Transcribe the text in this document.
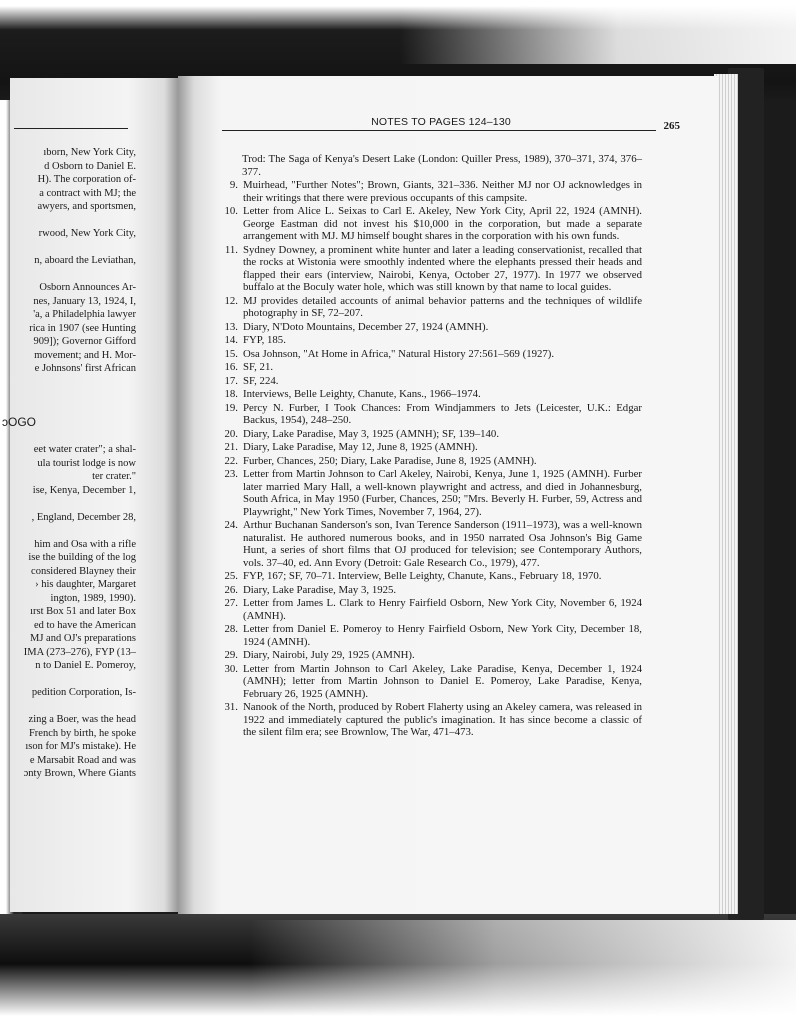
ıborn, New York City,
d Osborn to Daniel E.
H). The corporation of-
a contract with MJ; the
awyers, and sportsmen,
rwood, New York City,
n, aboard the Leviathan,
Osborn Announces Ar-
nes, January 13, 1924, I,
'a, a Philadelphia lawyer
rica in 1907 (see Hunting
909]); Governor Gifford
movement; and H. Mor-
e Johnsons' first African
ɔOGO
eet water crater"; a shal-
ula tourist lodge is now
ter crater."
ise, Kenya, December 1,
, England, December 28,
him and Osa with a rifle
ise the building of the log
considered Blayney their
› his daughter, Margaret
ington, 1989, 1990).
ırst Box 51 and later Box
ed to have the American
MJ and OJ's preparations
IMA (273–276), FYP (13–
n to Daniel E. Pomeroy,
pedition Corporation, Is-
zing a Boer, was the head
French by birth, he spoke
ıson for MJ's mistake). He
e Marsabit Road and was
ɔnty Brown, Where Giants
NOTES TO PAGES 124–130	265
Trod: The Saga of Kenya's Desert Lake (London: Quiller Press, 1989), 370–371, 374, 376–377.
9. Muirhead, "Further Notes"; Brown, Giants, 321–336. Neither MJ nor OJ acknowledges in their writings that there were previous occupants of this campsite.
10. Letter from Alice L. Seixas to Carl E. Akeley, New York City, April 22, 1924 (AMNH). George Eastman did not invest his $10,000 in the corporation, but made a separate arrangement with MJ. MJ himself bought shares in the corporation with his own funds.
11. Sydney Downey, a prominent white hunter and later a leading conservationist, recalled that the rocks at Wistonia were smoothly indented where the elephants pressed their heads and flapped their ears (interview, Nairobi, Kenya, October 27, 1977). In 1977 we observed buffalo at the Boculy water hole, which was still known by that name to local guides.
12. MJ provides detailed accounts of animal behavior patterns and the techniques of wildlife photography in SF, 72–207.
13. Diary, N'Doto Mountains, December 27, 1924 (AMNH).
14. FYP, 185.
15. Osa Johnson, "At Home in Africa," Natural History 27:561–569 (1927).
16. SF, 21.
17. SF, 224.
18. Interviews, Belle Leighty, Chanute, Kans., 1966–1974.
19. Percy N. Furber, I Took Chances: From Windjammers to Jets (Leicester, U.K.: Edgar Backus, 1954), 248–250.
20. Diary, Lake Paradise, May 3, 1925 (AMNH); SF, 139–140.
21. Diary, Lake Paradise, May 12, June 8, 1925 (AMNH).
22. Furber, Chances, 250; Diary, Lake Paradise, June 8, 1925 (AMNH).
23. Letter from Martin Johnson to Carl Akeley, Nairobi, Kenya, June 1, 1925 (AMNH). Furber later married Mary Hall, a well-known playwright and actress, and died in Johannesburg, South Africa, in May 1950 (Furber, Chances, 250; "Mrs. Beverly H. Furber, 59, Actress and Playwright," New York Times, November 7, 1964, 27).
24. Arthur Buchanan Sanderson's son, Ivan Terence Sanderson (1911–1973), was a well-known naturalist. He authored numerous books, and in 1950 narrated Osa Johnson's Big Game Hunt, a series of short films that OJ produced for television; see Contemporary Authors, vols. 37–40, ed. Ann Evory (Detroit: Gale Research Co., 1979), 477.
25. FYP, 167; SF, 70–71. Interview, Belle Leighty, Chanute, Kans., February 18, 1970.
26. Diary, Lake Paradise, May 3, 1925.
27. Letter from James L. Clark to Henry Fairfield Osborn, New York City, November 6, 1924 (AMNH).
28. Letter from Daniel E. Pomeroy to Henry Fairfield Osborn, New York City, December 18, 1924 (AMNH).
29. Diary, Nairobi, July 29, 1925 (AMNH).
30. Letter from Martin Johnson to Carl Akeley, Lake Paradise, Kenya, December 1, 1924 (AMNH); letter from Martin Johnson to Daniel E. Pomeroy, Lake Paradise, Kenya, February 26, 1925 (AMNH).
31. Nanook of the North, produced by Robert Flaherty using an Akeley camera, was released in 1922 and immediately captured the public's imagination. It has since become a classic of the silent film era; see Brownlow, The War, 471–473.
